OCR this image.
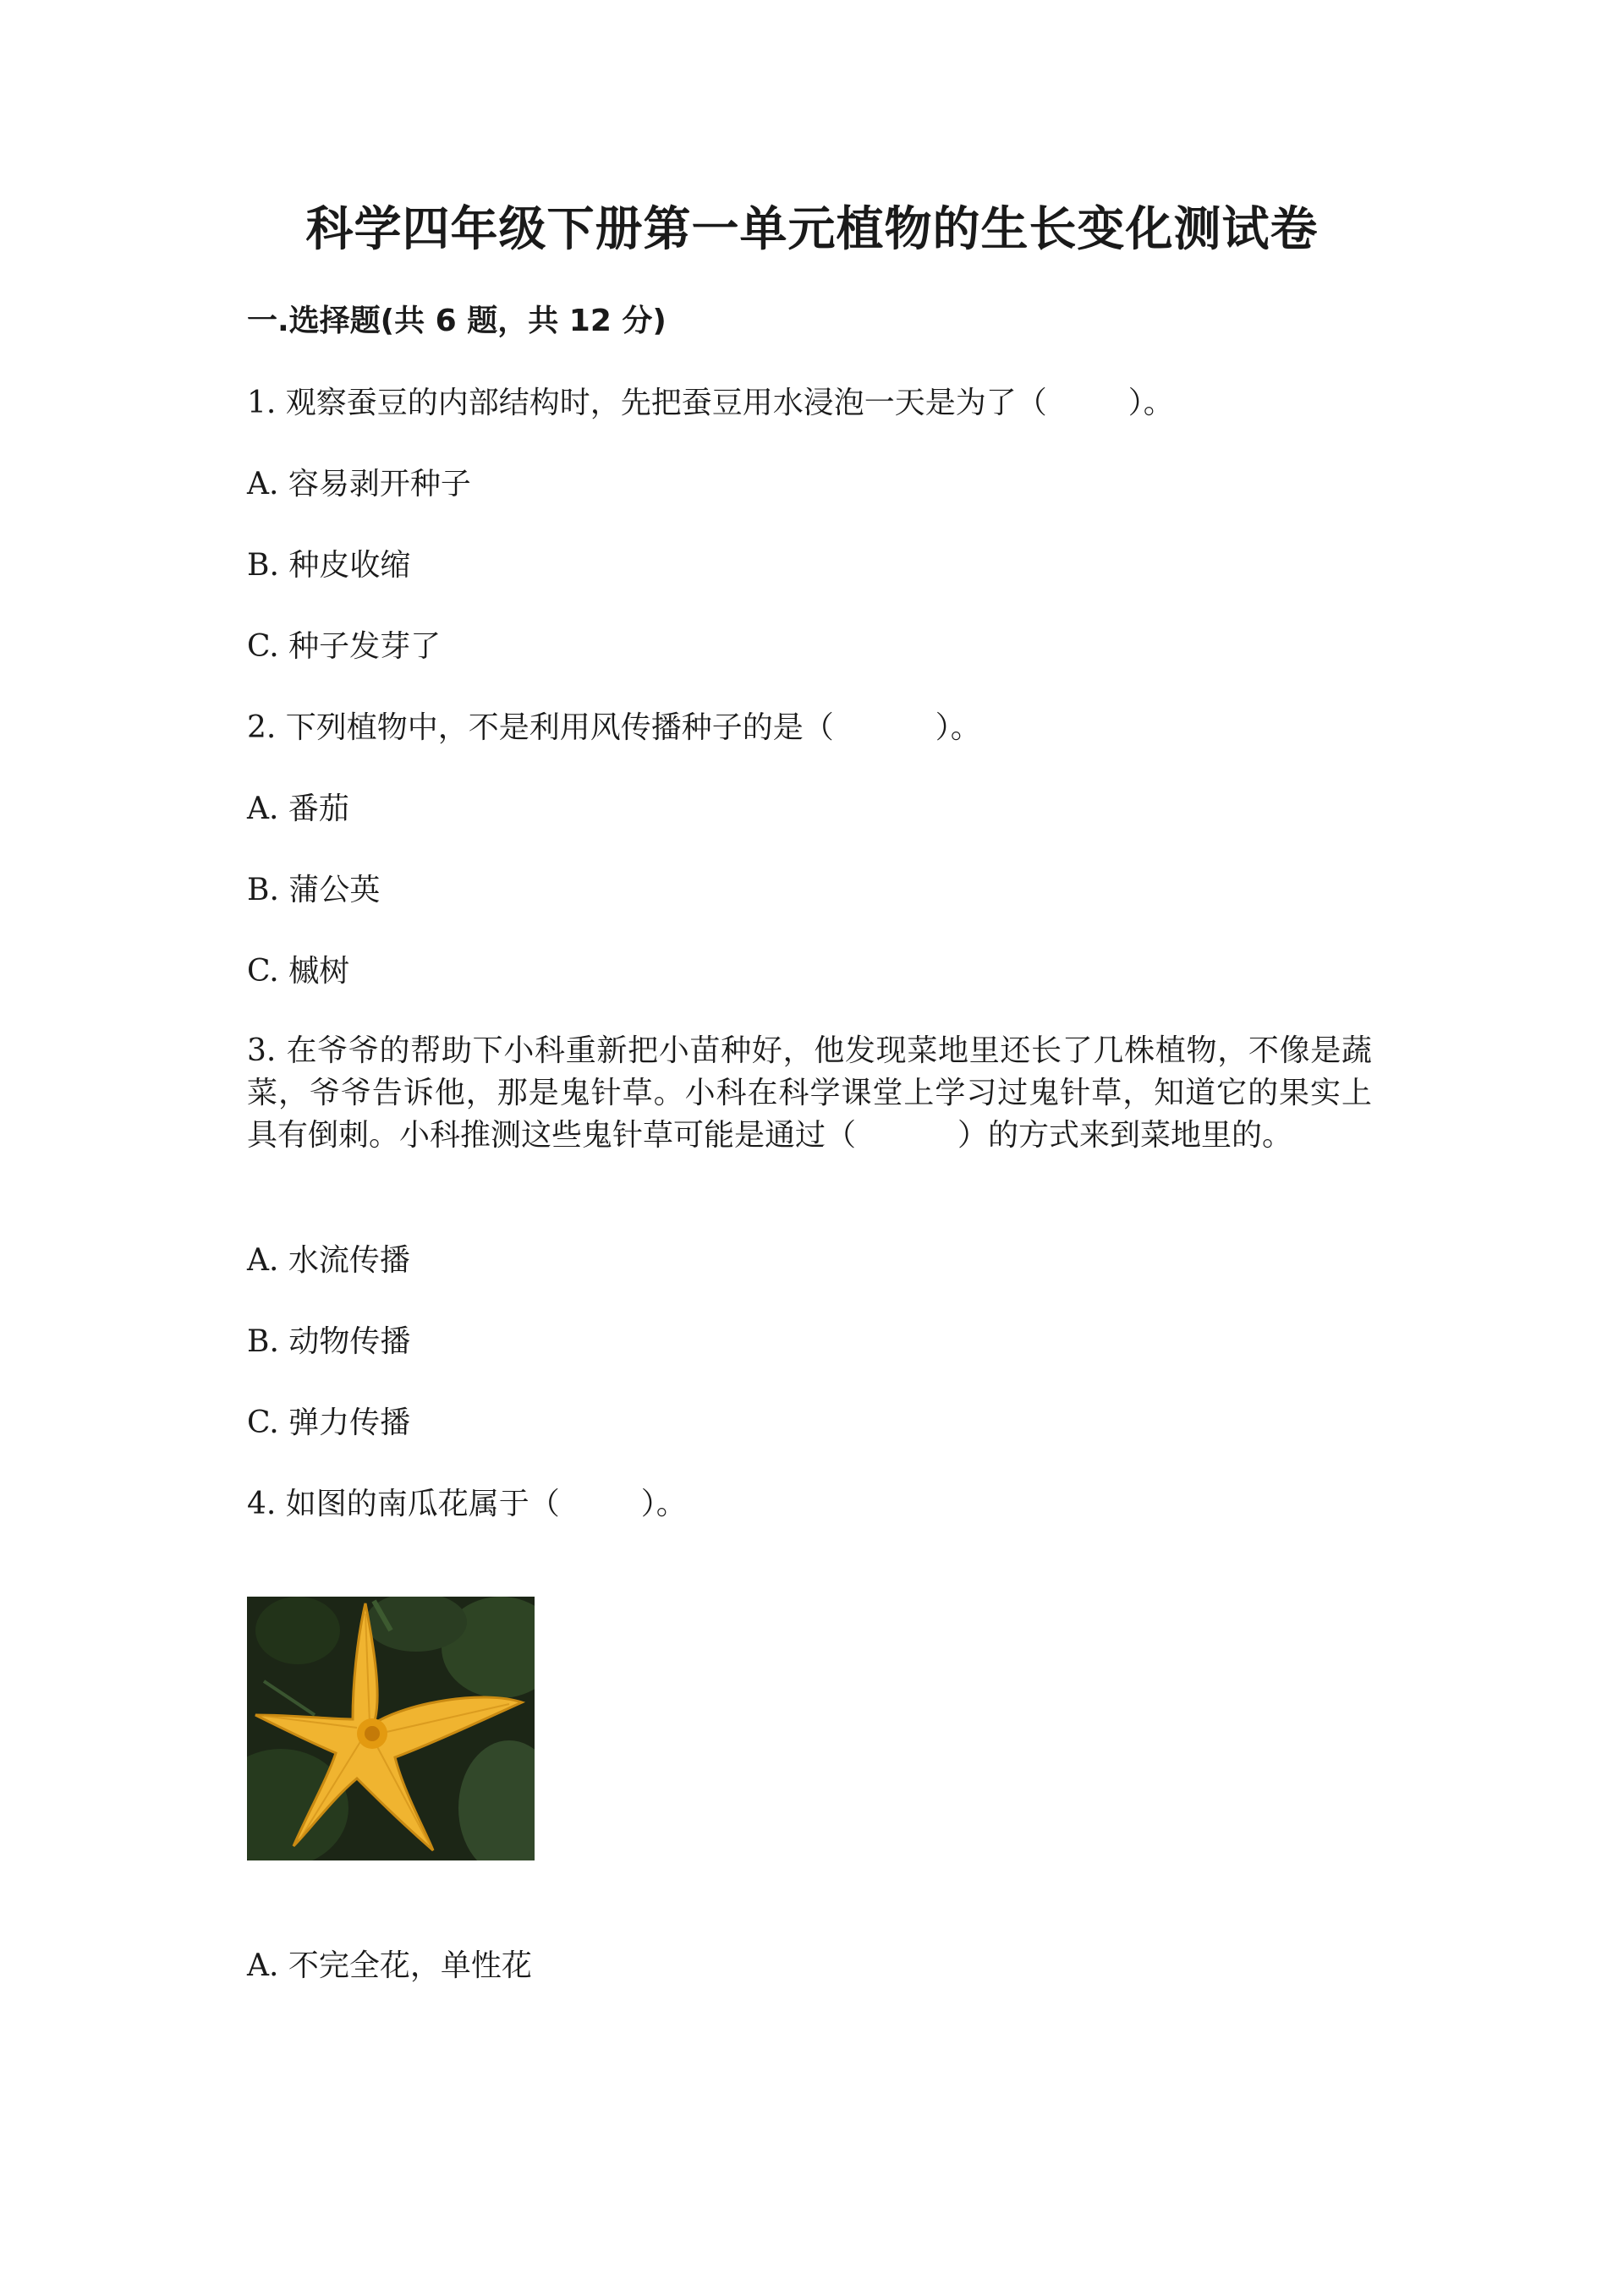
科学四年级下册第一单元植物的生长变化测试卷
一.选择题(共 6 题，共 12 分)
1. 观察蚕豆的内部结构时，先把蚕豆用水浸泡一天是为了（	）。
A. 容易剥开种子
B. 种皮收缩
C. 种子发芽了
2. 下列植物中，不是利用风传播种子的是（	）。
A. 番茄
B. 蒲公英
C. 槭树
3. 在爷爷的帮助下小科重新把小苗种好，他发现菜地里还长了几株植物，不像是蔬菜，爷爷告诉他，那是鬼针草。小科在科学课堂上学习过鬼针草，知道它的果实上具有倒刺。小科推测这些鬼针草可能是通过（	）的方式来到菜地里的。
A. 水流传播
B. 动物传播
C. 弹力传播
4. 如图的南瓜花属于（	）。
A. 不完全花，单性花
